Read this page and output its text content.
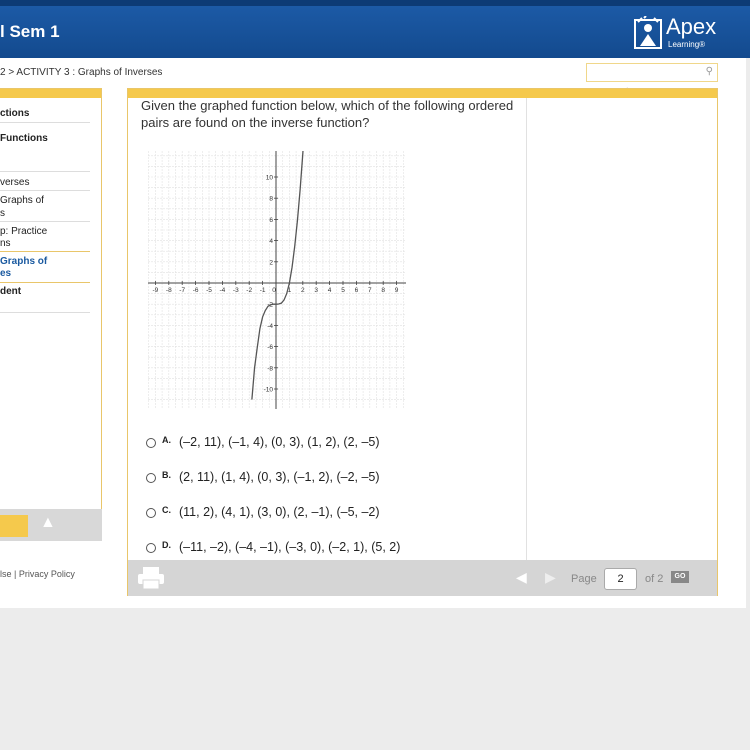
l Sem 1	Apex
Learning®
2 > ACTIVITY 3 : Graphs of Inverses	⚲
ctions
Functions
verses
Graphs of
s
p: Practice
ns
Graphs of
es
dent
▲
lse | Privacy Policy
Given the graphed function below, which of the following ordered pairs are found on the inverse function?
-9 -8 -7 -6 -5 -4 -3 -2 -1 0 1 2 3 4 5 6 7 8 9
10
8
6
4
2
-2
-4
-6
-8
-10
$^{A.}$ (–2, 11), (–1, 4), (0, 3), (1, 2), (2, –5)
$^{B.}$ (2, 11), (1, 4), (0, 3), (–1, 2), (–2, –5)
$^{C.}$ (11, 2), (4, 1), (3, 0), (2, –1), (–5, –2)
$^{D.}$ (–11, –2), (–4, –1), (–3, 0), (–2, 1), (5, 2)
◀ ▶ Page	2	of 2	GO
